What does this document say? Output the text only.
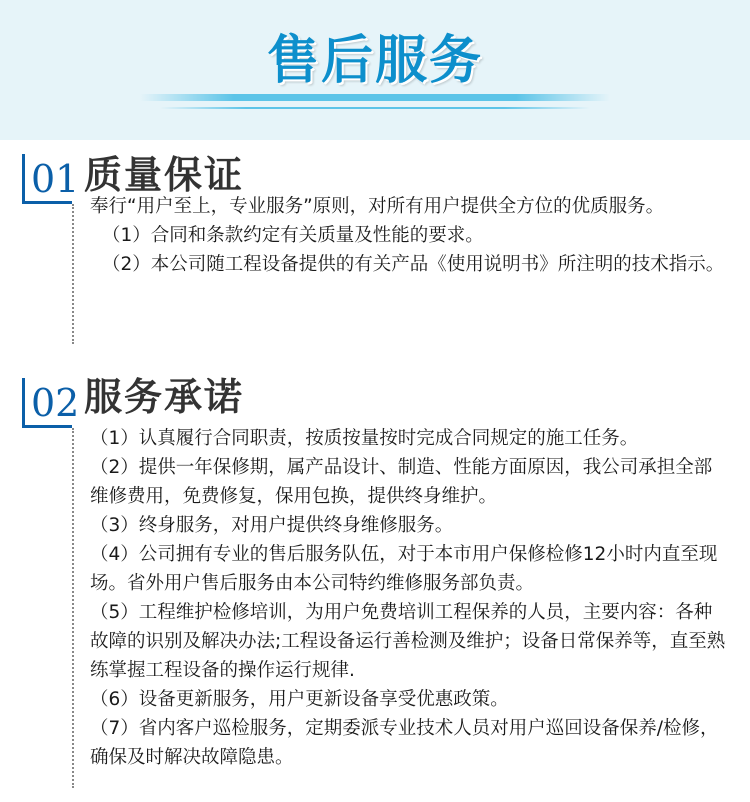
售后服务
01 质量保证

奉行“用户至上，专业服务”原则，对所有用户提供全方位的优质服务。

（1）合同和条款约定有关质量及性能的要求。

（2）本公司随工程设备提供的有关产品《使用说明书》所注明的技术指示。

02 服务承诺

（1）认真履行合同职责，按质按量按时完成合同规定的施工任务。

（2）提供一年保修期，属产品设计、制造、性能方面原因，我公司承担全部维修费用，免费修复，保用包换，提供终身维护。

（3）终身服务，对用户提供终身维修服务。

（4）公司拥有专业的售后服务队伍，对于本市用户保修检修12小时内直至现场。省外用户售后服务由本公司特约维修服务部负责。

（5）工程维护检修培训，为用户免费培训工程保养的人员，主要内容：各种故障的识别及解决办法;工程设备运行善检测及维护；设备日常保养等，直至熟练掌握工程设备的操作运行规律.

（6）设备更新服务，用户更新设备享受优惠政策。

（7）省内客户巡检服务，定期委派专业技术人员对用户巡回设备保养/检修，确保及时解决故障隐患。
